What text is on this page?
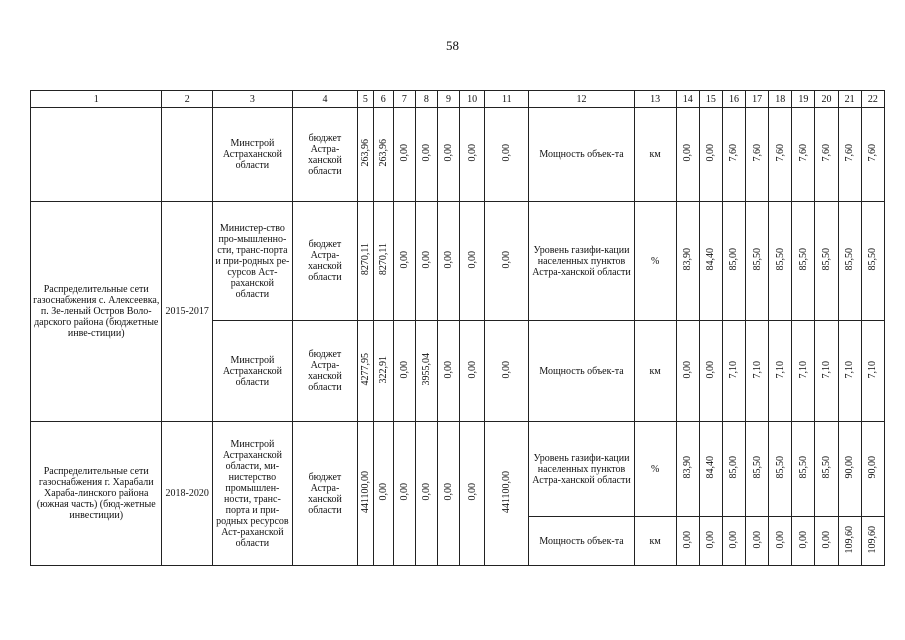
58
1	2	3	4	5	6	7	8	9	10	11	12	13	14	15	16	17	18	19	20	21	22
		Минстрой Астраханской области	бюджет Астра-ханской области	263,96	263,96	0,00	0,00	0,00	0,00	0,00	Мощность объек-та	км	0,00	0,00	7,60	7,60	7,60	7,60	7,60	7,60	7,60
Распределительные сети газоснабжения с. Алексеевка, п. Зе-леный Остров Воло-дарского района (бюджетные инве-стиции)	2015-2017	Министер-ство про-мышленно-сти, транс-порта и при-родных ре-сурсов Аст-раханской области	бюджет Астра-ханской области	8270,11	8270,11	0,00	0,00	0,00	0,00	0,00	Уровень газифи-кации населенных пунктов Астра-ханской области	%	83,90	84,40	85,00	85,50	85,50	85,50	85,50	85,50	85,50
		Минстрой Астраханской области	бюджет Астра-ханской области	4277,95	322,91	0,00	3955,04	0,00	0,00	0,00	Мощность объек-та	км	0,00	0,00	7,10	7,10	7,10	7,10	7,10	7,10	7,10
Распределительные сети газоснабжения г. Харабали Хараба-линского района (южная часть) (бюд-жетные инвестиции)	2018-2020	Минстрой Астраханской области, ми-нистерство промышлен-ности, транс-порта и при-родных ресурсов Аст-раханской области	бюджет Астра-ханской области	441100,00	0,00	0,00	0,00	0,00	0,00	441100,00	Уровень газифи-кации населенных пунктов Астра-ханской области	%	83,90	84,40	85,00	85,50	85,50	85,50	85,50	90,00	90,00
											Мощность объек-та	км	0,00	0,00	0,00	0,00	0,00	0,00	0,00	109,60	109,60
